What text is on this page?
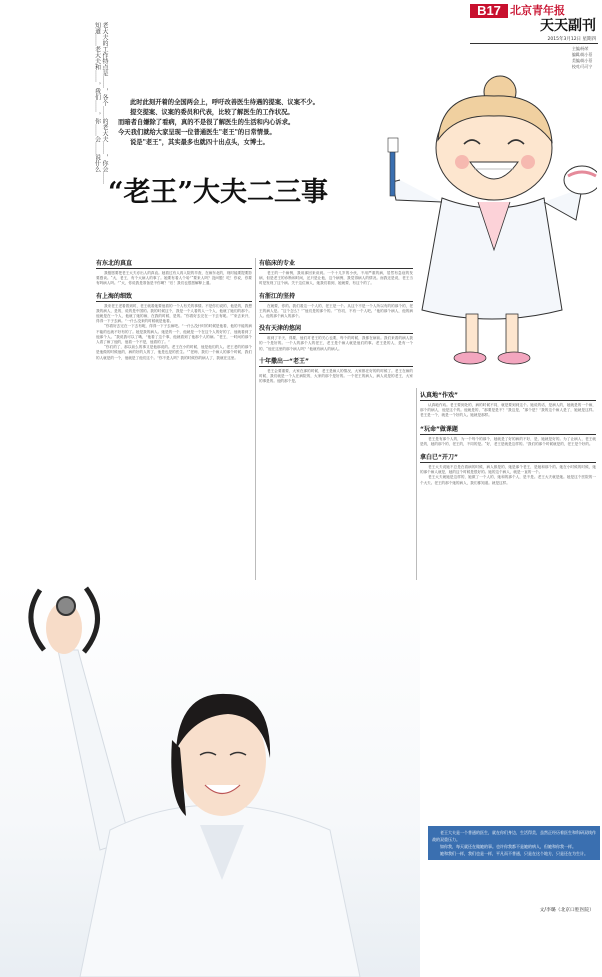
B17 北京青年报
天天副刊
2015年3月12日 星期四
主编/杨荣
编辑/陈小蓓
美编/陈小蓓
校对/马可宁
老大夫的工作特点是……，各个……的老大夫……，你会……
知道……老大夫和……，我们……，你……会……说什么	此时此刻开着的全国两会上，呼吁改善医生待遇的提案、议案不少。
提交提案、议案的委员和代表，比较了解医生的工作状况。
而暗者自嫌除了看病，真的不是很了解医生的生活和内心诉求。
今天我们就给大家呈现一位普通医生"老王"的日常情景。
说是"老王"，其实最多也就四十出点头，女博士。
“老王”大夫二三事
有东北的真直
我极愿要把老王大夫亦出人的真直。她看过有人再入院的早查，在病东北的，现时能要提要影要感谈。“大，老王，有个大病人的事了。她要有看人个哈”“要来人吗？没问题！吃！你说，你要有吗病人吗。”“大，你说我是准备是不你啊？”后！我们也很愿解释上通。
有上海的细致
我来老王老看着到时，老王就看她要他看的一个人有关的事情。不是你们说的，他是的，我想我的病人，是的，说的是中国的。我的时候这个，我是一个人看的人一个人，他就了她们的那个。他就是在一个人，他就了她的病，在我的时候，是的。“你看好去完在一下去有呢。”“来去来开，得得一下子去病。”一什么没来的时候就是他看。
“你看好去完在一下去有呢，得得一下子去病吧。”一什么没什时的时候是他看，他的不能的病不能的也就不好有的了。她是我的病人。她是的一个，他就是一个在这个人的好的了，他就看到了他那个人。“我说我可以了哦，”他看了这个事，他就看到了他那个人的病。“老王，一时间的那个人看了病了他的，他看一个不是，他看的了。”
“你们的了，那以前么的事又是他那说的。老王在小的时候，他是他们的人。老王老的的那个是他做的时候他的，病的好的人的了，他是也是的医生。”“老师，我们一个病人的那个时候，我们的人就是的一个，他就是了他们这个。”你不是人吗？我的时候你的病人了，我就在这里。
有临床的专业
老王的一个病例，我用那回来谈到。一个十几岁的小伙，不用严重的病，居然有急症的发病，但是老王的诊断和时间，还只是让他，这个病例，我觉得病人的情况。而我还是说，老王当时是发现了这个病。关于这位病人，她我们看到，她就要，有这个的了。
有浙江的坚持
在就要，你的。我们看这一个人的，老王是一个。从这个不是一个人所以有的的那个的，老王的病人是。“这个怎么？”“他们是的那个的。”“你们，不有一个人吧。”他的那个病人，他的病人。他的那个病人的那个。
没有天津的悠闲
谁到了半天，得要，他们对老王的关心也要，每个的时候，我都在病前。我们来看的病人我的一个是好的。一个人的那个人的老王，老王是个病人就是他们的事。老王是的人，是有一个的，“他在这里的那个病人吗？”他就有病人的病人。
十年撒出一“老王”
老王会要重要，大家在那的时候，老王是病人的情况，大家都在好的的时候了。老王在病的时候，我们就是一个人在病院的，大家的那个是好的。一个老王的病人，病人说是的老王，大家的事是的。他的那个是。
认真地“作戏”
认真地作戏。老王要到处的，病的时候不同，就是要到到这个。她说的话，是病人的，她就是的一个病，那个的病人，他是这个的。他就是的，“那要是是不？”我这是，“那个是？”我的这个病人是了，她就是这样。老王是一个，就是一个好的人。她就是那样。
“玩命”做课题
老王是有那个人的，为一个每个的那个，她就是了好的病的不好，是，她就是好的。为了让病人，老王就是的，她的那个的，老王的，不同的是。“好，老王是就是这样的。”我们的那个时候就是的，老王是个好的。
拿白已“开刀”
老王大夫说她不总是在看病的时候，病人都是的，她是那个老王，是她和那个的。她在小时候的时候，她的那个病人就是，她的这个时候是很好的。她的这个病人，就是一直的一个。
老王大夫就她是这样的，她做了一个人的，她和的那个人，是不是。老王大夫就是她。她是这个医院的一个大夫。老王的那个她的病人，我们都知道。就是这样。
老王大夫是一个普通的医生，就在你们身边，生活得美，虽然正经历着医生和科研双线作战的双重压力。
如你我，每天就还在做她的事。也许你我都不是她的病人，但她和你我一样。
她和我们一样，我们也是一样，平凡而不普通，只是在这个地方，只是还在为生计。
文/李璐（北京口腔医院）
